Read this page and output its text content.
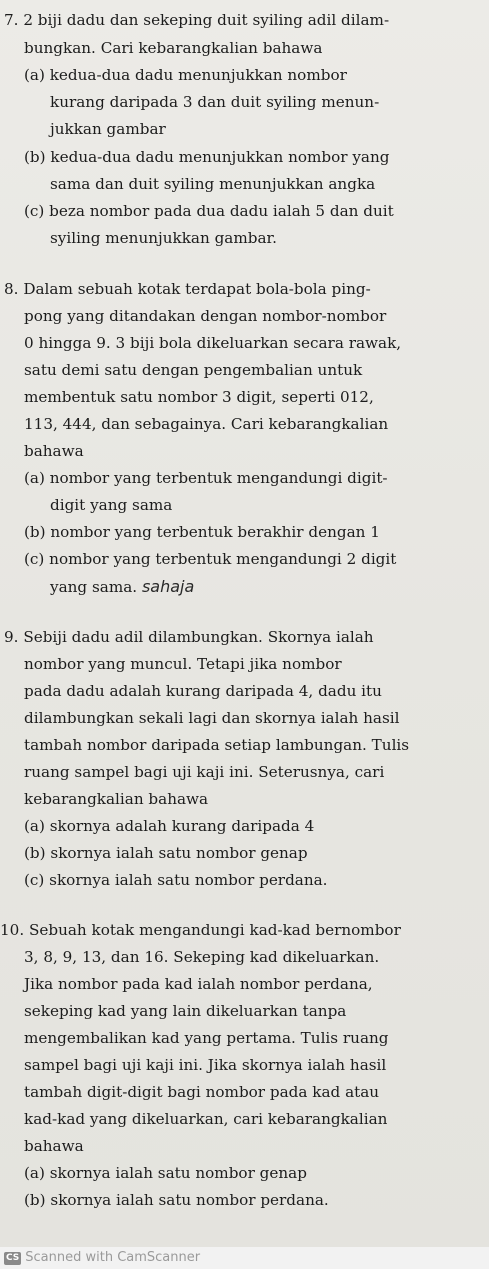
7. 2 biji dadu dan sekeping duit syiling adil dilam-
bungkan. Cari kebarangkalian bahawa
(a) kedua-dua dadu menunjukkan nombor
kurang daripada 3 dan duit syiling menun-
jukkan gambar
(b) kedua-dua dadu menunjukkan nombor yang
sama dan duit syiling menunjukkan angka
(c) beza nombor pada dua dadu ialah 5 dan duit
syiling menunjukkan gambar.
8. Dalam sebuah kotak terdapat bola-bola ping-
pong yang ditandakan dengan nombor-nombor
0 hingga 9. 3 biji bola dikeluarkan secara rawak,
satu demi satu dengan pengembalian untuk
membentuk satu nombor 3 digit, seperti 012,
113, 444, dan sebagainya. Cari kebarangkalian
bahawa
(a) nombor yang terbentuk mengandungi digit-
digit yang sama
(b) nombor yang terbentuk berakhir dengan 1
(c) nombor yang terbentuk mengandungi 2 digit
yang sama. sahaja
9. Sebiji dadu adil dilambungkan. Skornya ialah
nombor yang muncul. Tetapi jika nombor
pada dadu adalah kurang daripada 4, dadu itu
dilambungkan sekali lagi dan skornya ialah hasil
tambah nombor daripada setiap lambungan. Tulis
ruang sampel bagi uji kaji ini. Seterusnya, cari
kebarangkalian bahawa
(a) skornya adalah kurang daripada 4
(b) skornya ialah satu nombor genap
(c) skornya ialah satu nombor perdana.
10. Sebuah kotak mengandungi kad-kad bernombor
3, 8, 9, 13, dan 16. Sekeping kad dikeluarkan.
Jika nombor pada kad ialah nombor perdana,
sekeping kad yang lain dikeluarkan tanpa
mengembalikan kad yang pertama. Tulis ruang
sampel bagi uji kaji ini. Jika skornya ialah hasil
tambah digit-digit bagi nombor pada kad atau
kad-kad yang dikeluarkan, cari kebarangkalian
bahawa
(a) skornya ialah satu nombor genap
(b) skornya ialah satu nombor perdana.
CS Scanned with CamScanner
